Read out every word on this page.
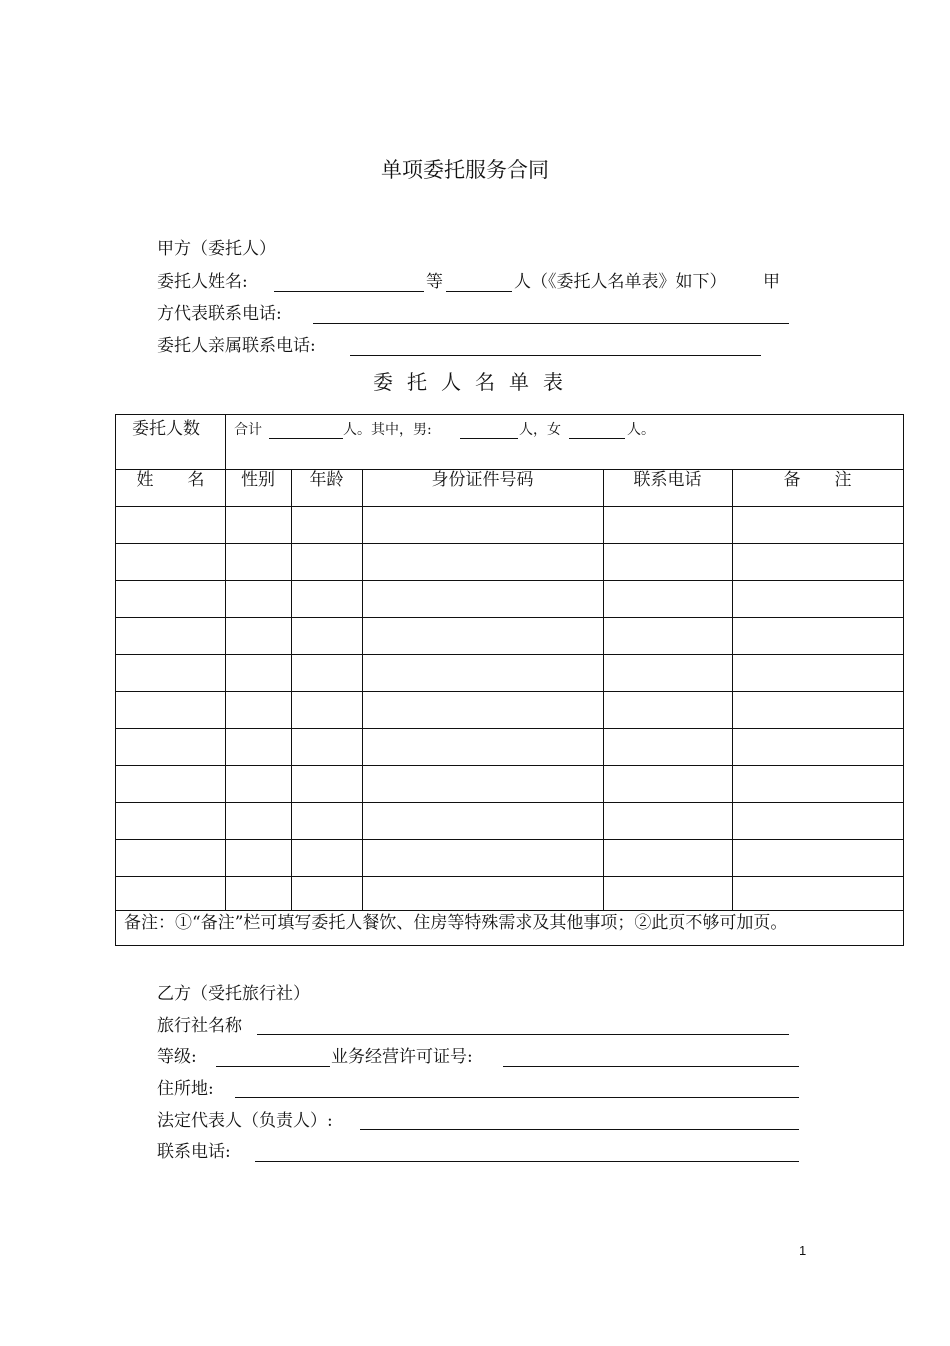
单项委托服务合同
甲方（委托人）
委托人姓名:	等	人（《委托人名单表》如下） 甲
方代表联系电话:
委托人亲属联系电话:
委托人名单表
委托人数 合计	人。其中，男:	人，女	人。
姓　　名	性别	年龄	身份证件号码	联系电话	备　　注
备注：①“备注”栏可填写委托人餐饮、住房等特殊需求及其他事项；②此页不够可加页。
乙方（受托旅行社）
旅行社名称
等级:	业务经营许可证号:
住所地:
法定代表人（负责人）:
联系电话:
1
